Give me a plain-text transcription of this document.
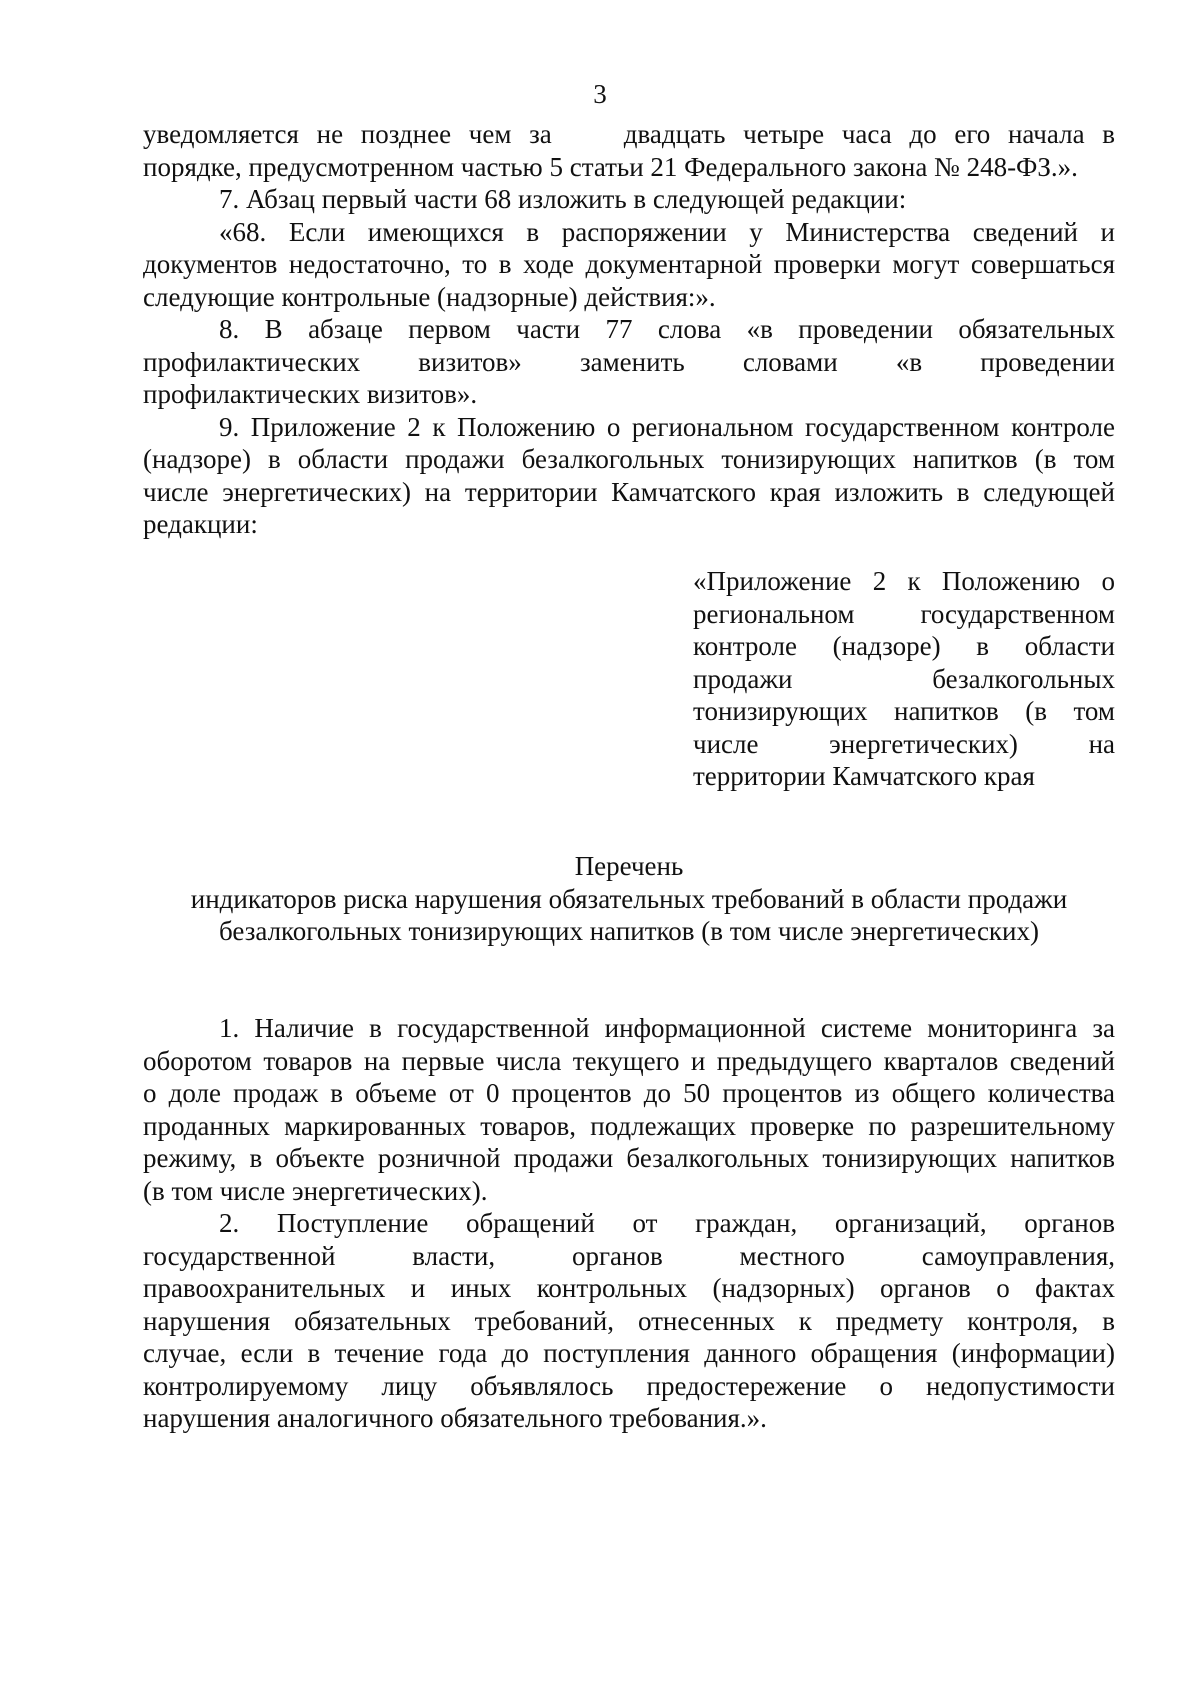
3
уведомляется не позднее чем за	двадцать четыре часа до его начала в
порядке, предусмотренном частью 5 статьи 21 Федерального закона № 248-ФЗ.».
7. Абзац первый части 68 изложить в следующей редакции:
«68. Если имеющихся в распоряжении у Министерства сведений и
документов недостаточно, то в ходе документарной проверки могут совершаться
следующие контрольные (надзорные) действия:».
8. В абзаце первом части 77 слова «в проведении обязательных
профилактических визитов» заменить словами «в проведении
профилактических визитов».
9. Приложение 2 к Положению о региональном государственном контроле
(надзоре) в области продажи безалкогольных тонизирующих напитков (в том
числе энергетических) на территории Камчатского края изложить в следующей
редакции:
«Приложение 2 к Положению о
региональном государственном
контроле (надзоре) в области
продажи безалкогольных
тонизирующих напитков (в том
числе энергетических) на
территории Камчатского края
Перечень
индикаторов риска нарушения обязательных требований в области продажи
безалкогольных тонизирующих напитков (в том числе энергетических)
1. Наличие в государственной информационной системе мониторинга за
оборотом товаров на первые числа текущего и предыдущего кварталов сведений
о доле продаж в объеме от 0 процентов до 50 процентов из общего количества
проданных маркированных товаров, подлежащих проверке по разрешительному
режиму, в объекте розничной продажи безалкогольных тонизирующих напитков
(в том числе энергетических).
2. Поступление обращений от граждан, организаций, органов
государственной власти, органов местного самоуправления,
правоохранительных и иных контрольных (надзорных) органов о фактах
нарушения обязательных требований, отнесенных к предмету контроля, в
случае, если в течение года до поступления данного обращения (информации)
контролируемому лицу объявлялось предостережение о недопустимости
нарушения аналогичного обязательного требования.».
